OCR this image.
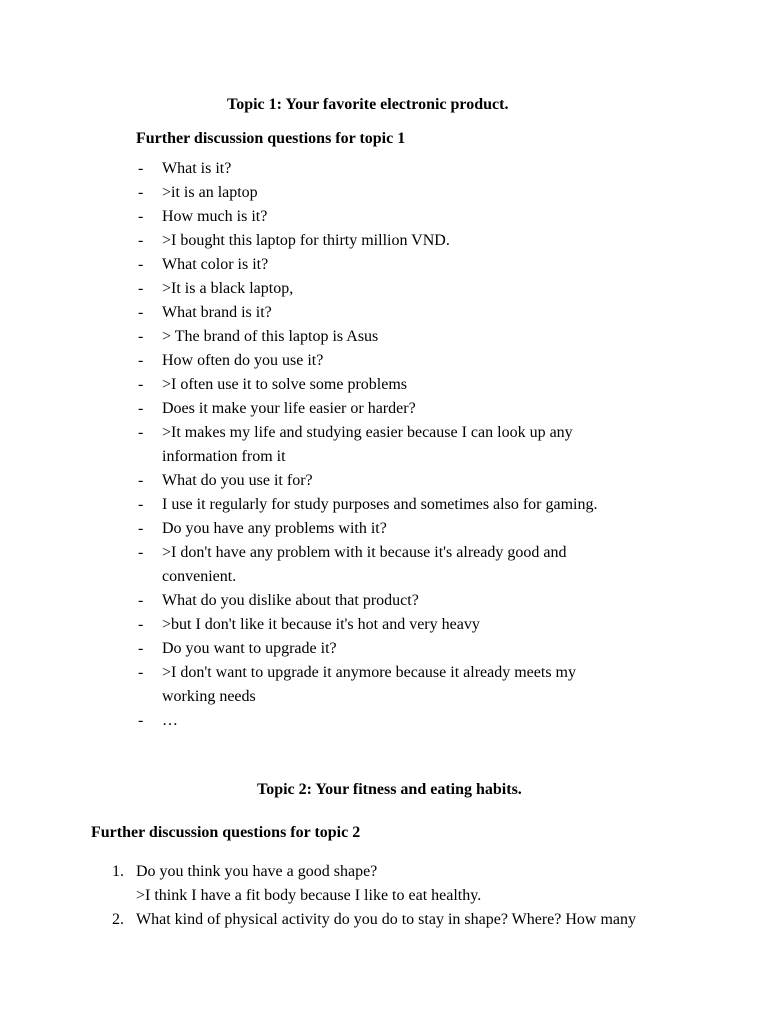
Topic 1: Your favorite electronic product.
Further discussion questions for topic 1
- What is it?
- >it is an laptop
- How much is it?
- >I bought this laptop for thirty million VND.
- What color is it?
- >It is a black laptop,
- What brand is it?
- > The brand of this laptop is Asus
- How often do you use it?
- >I often use it to solve some problems
- Does it make your life easier or harder?
- >It makes my life and studying easier because I can look up any
information from it
- What do you use it for?
- I use it regularly for study purposes and sometimes also for gaming.
- Do you have any problems with it?
- >I don't have any problem with it because it's already good and
convenient.
- What do you dislike about that product?
- >but I don't like it because it's hot and very heavy
- Do you want to upgrade it?
- >I don't want to upgrade it anymore because it already meets my
working needs
- …
Topic 2: Your fitness and eating habits.
Further discussion questions for topic 2
1. Do you think you have a good shape?
>I think I have a fit body because I like to eat healthy.
2. What kind of physical activity do you do to stay in shape? Where? How many
